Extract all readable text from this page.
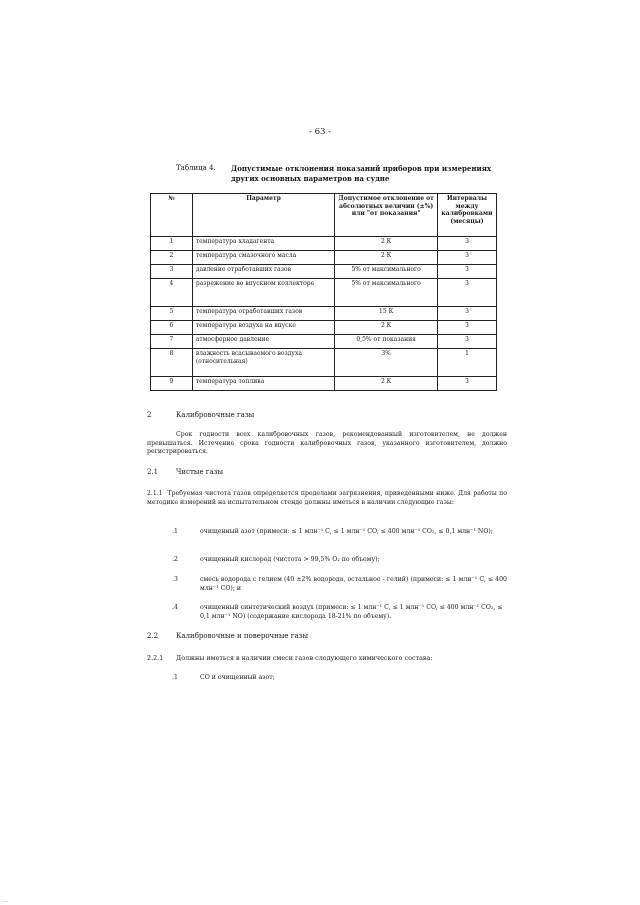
- 63 -
Таблица 4. Допустимые отклонения показаний приборов при измерениях других основных параметров на судне
№	Параметр	Допустимое отклонение от абсолютных величин (±%) или "от показания"	Интервалы между калибровками (месяцы)
1	температура хладагента	2 К	3
2	температура смазочного масла	2 К	3
3	давление отработавших газов	5% от максимального	3
4	разрежение во впускном коллекторе	5% от максимального	3
5	температура отработавших газов	15 К	3
6	температура воздуха на впуске	2 К	3
7	атмосферное давление	0,5% от показания	3
8	влажность всасываемого воздуха (относительная)	3%	1
9	температура топлива	2 К	3
2	Калибровочные газы
Срок годности всех калибровочных газов, рекомендованный изготовителем, не должен превышаться. Истечение срока годности калибровочных газов, указанного изготовителем, должно регистрироваться.
2.1	Чистые газы
2.1.1 Требуемая чистота газов определяется пределами загрязнения, приведенными ниже. Для работы по методике измерений на испытательном стенде должны иметься в наличии следующие газы:
.1	очищенный азот (примеси: ≤ 1 млн⁻¹ C, ≤ 1 млн⁻¹ CO, ≤ 400 млн⁻¹ CO₂, ≤ 0,1 млн⁻¹ NO);
.2	очищенный кислород (чистота > 99,5% O₂ по объему);
.3	смесь водорода с гелием (40 ±2% водорода, остальное - гелий) (примеси: ≤ 1 млн⁻¹ C, ≤ 400 млн⁻¹ CO); и
.4	очищенный синтетический воздух (примеси: ≤ 1 млн⁻¹ C, ≤ 1 млн⁻¹ CO, ≤ 400 млн⁻¹ CO₂, ≤ 0,1 млн⁻¹ NO) (содержание кислорода 18-21% по объему).
2.2	Калибровочные и поверочные газы
2.2.1 Должны иметься в наличии смеси газов следующего химического состава:
.1	CO и очищенный азот;
....
